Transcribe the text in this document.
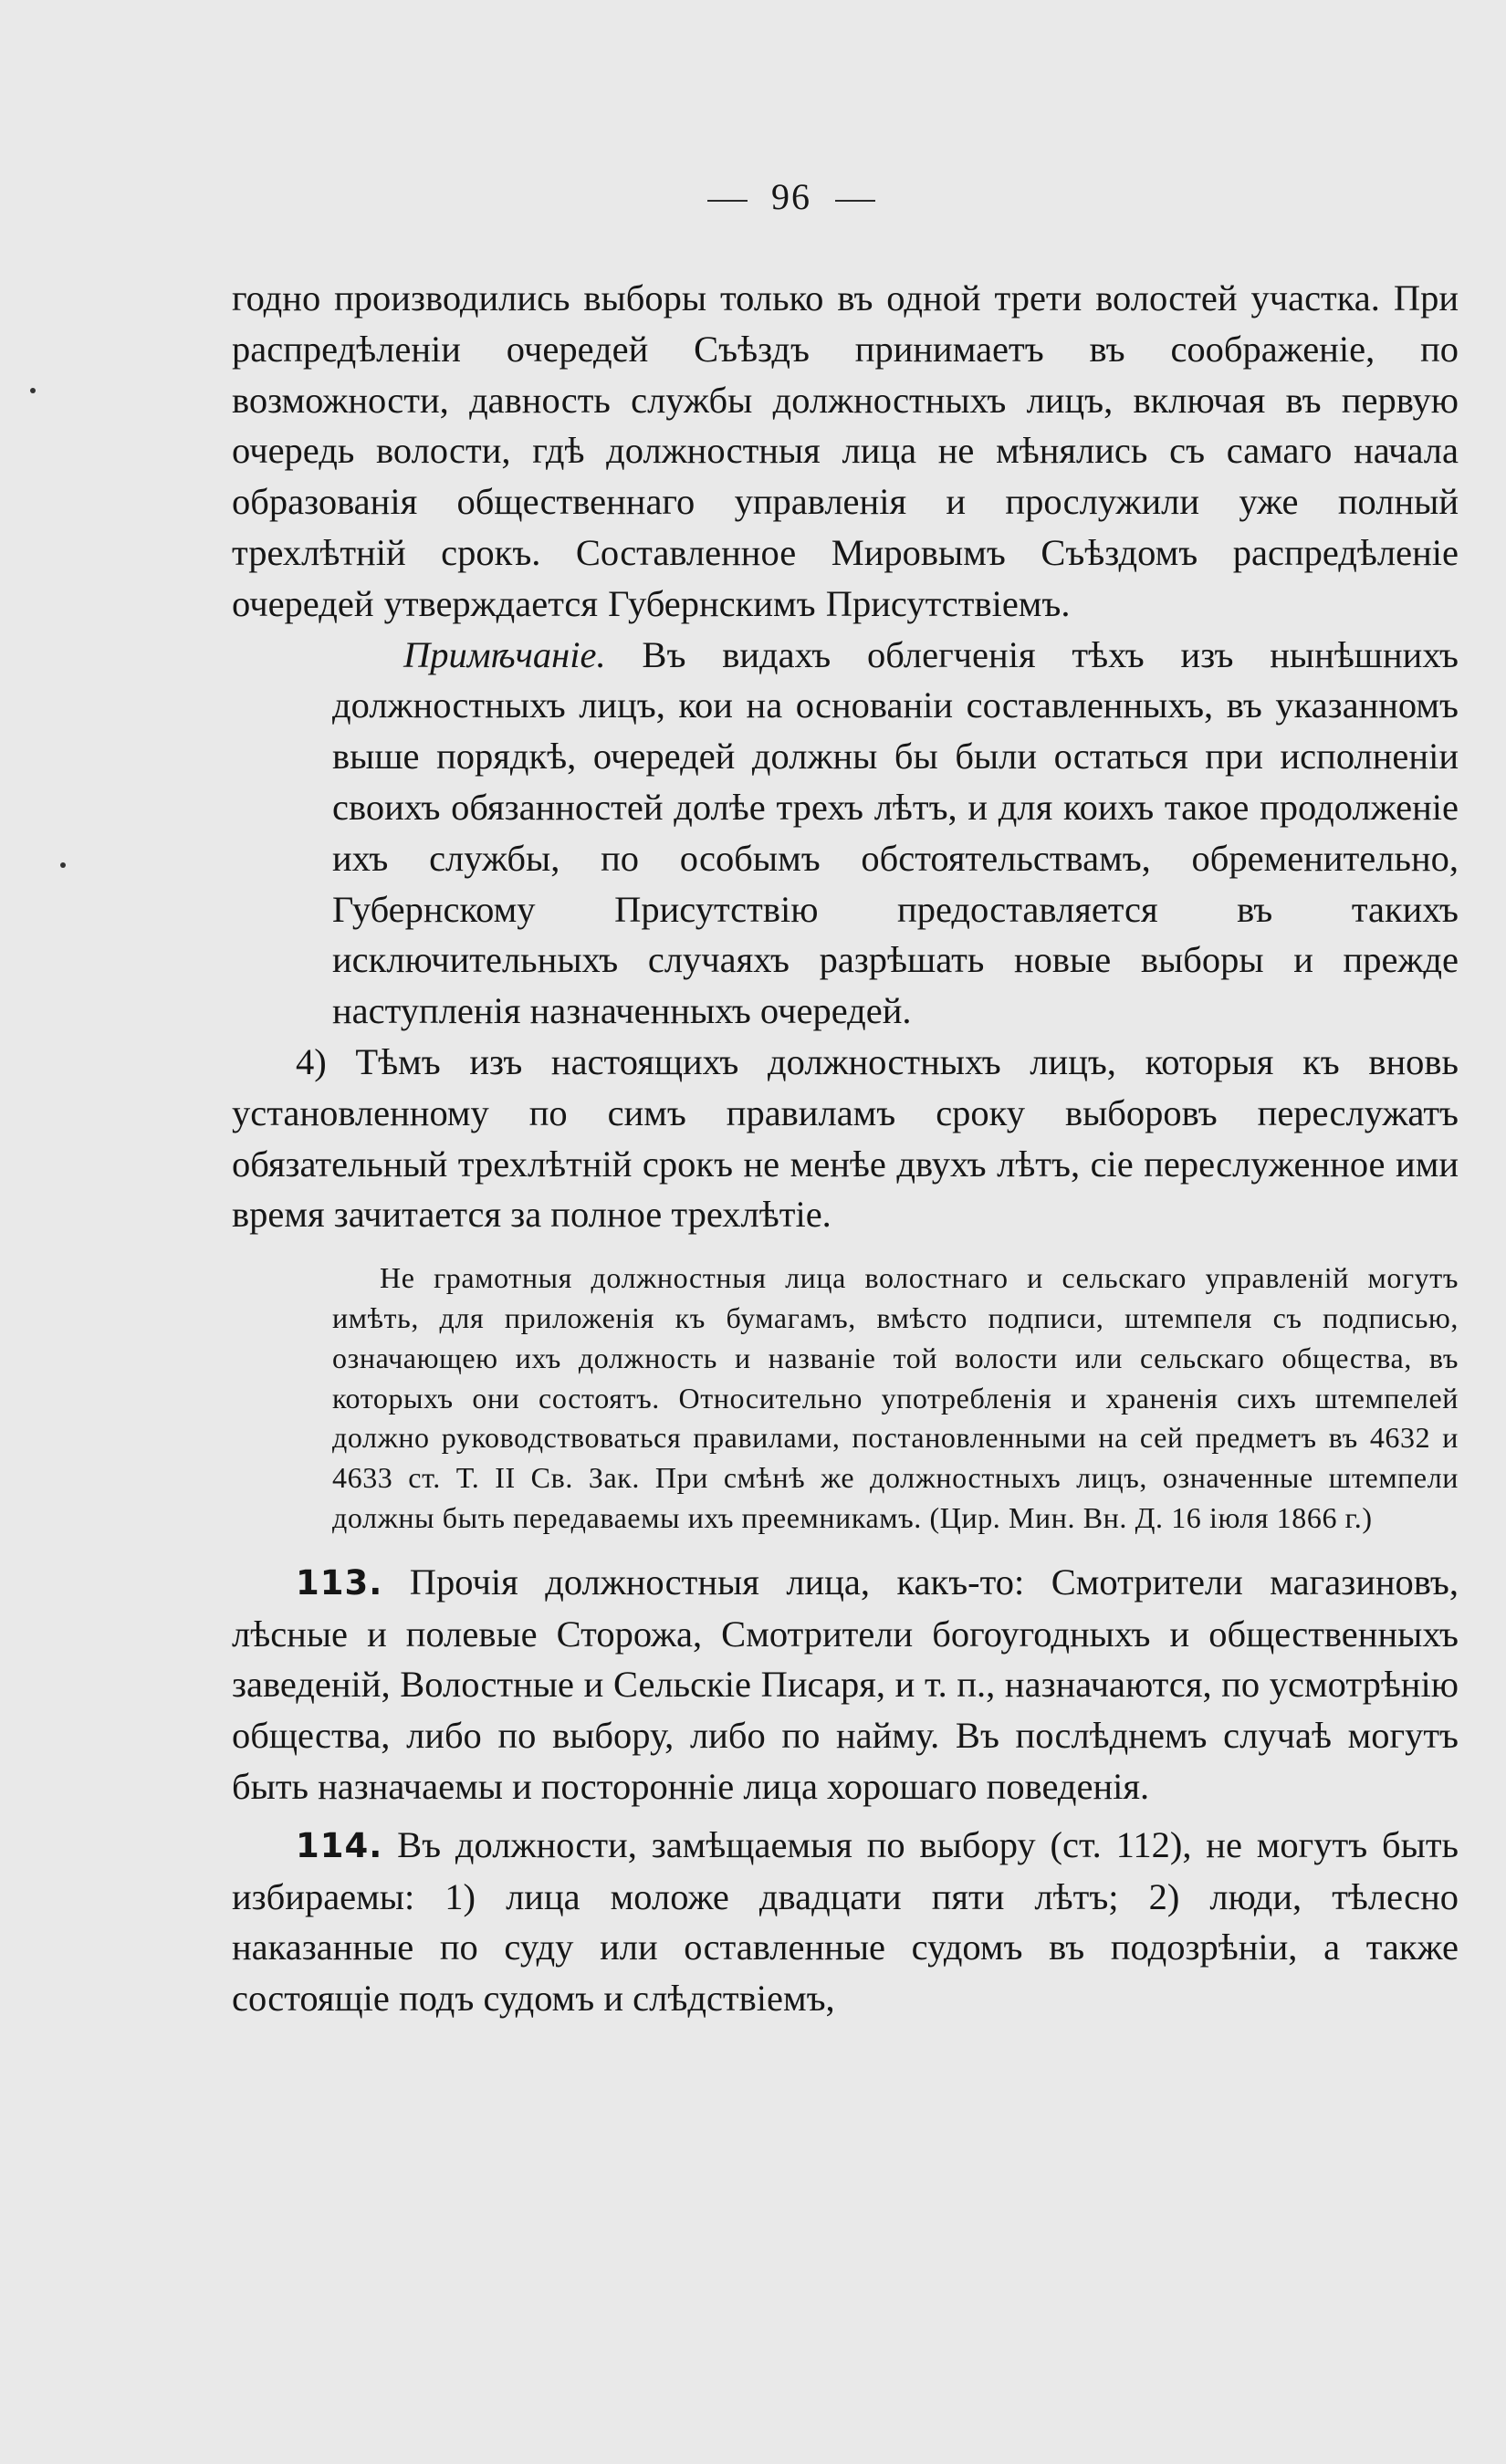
96

годно производились выборы только въ одной трети волостей участка. При распредѣленіи очередей Съѣздъ принимаетъ въ соображеніе, по возможности, давность службы должностныхъ лицъ, включая въ первую очередь волости, гдѣ должностныя лица не мѣнялись съ самаго начала образованія общественнаго управленія и прослужили уже полный трехлѣтній срокъ. Составленное Мировымъ Съѣздомъ распредѣленіе очередей утверждается Губернскимъ Присутствіемъ.

Примѣчаніе. Въ видахъ облегченія тѣхъ изъ нынѣшнихъ должностныхъ лицъ, кои на основаніи составленныхъ, въ указанномъ выше порядкѣ, очередей должны бы были остаться при исполненіи своихъ обязанностей долѣе трехъ лѣтъ, и для коихъ такое продолженіе ихъ службы, по особымъ обстоятельствамъ, обременительно, Губернскому Присутствію предоставляется въ такихъ исключительныхъ случаяхъ разрѣшать новые выборы и прежде наступленія назначенныхъ очередей.

4) Тѣмъ изъ настоящихъ должностныхъ лицъ, которыя къ вновь установленному по симъ правиламъ сроку выборовъ переслужатъ обязательный трехлѣтній срокъ не менѣе двухъ лѣтъ, сіе переслуженное ими время зачитается за полное трехлѣтіе.

Не грамотныя должностныя лица волостнаго и сельскаго управленій могутъ имѣть, для приложенія къ бумагамъ, вмѣсто подписи, штемпеля съ подписью, означающею ихъ должность и названіе той волости или сельскаго общества, въ которыхъ они состоятъ. Относительно употребленія и храненія сихъ штемпелей должно руководствоваться правилами, постановленными на сей предметъ въ 4632 и 4633 ст. Т. II Св. Зак. При смѣнѣ же должностныхъ лицъ, означенные штемпели должны быть передаваемы ихъ преемникамъ. (Цир. Мин. Вн. Д. 16 іюля 1866 г.)

113. Прочія должностныя лица, какъ-то: Смотрители магазиновъ, лѣсные и полевые Сторожа, Смотрители богоугодныхъ и общественныхъ заведеній, Волостные и Сельскіе Писаря, и т. п., назначаются, по усмотрѣнію общества, либо по выбору, либо по найму. Въ послѣднемъ случаѣ могутъ быть назначаемы и посторонніе лица хорошаго поведенія.

114. Въ должности, замѣщаемыя по выбору (ст. 112), не могутъ быть избираемы: 1) лица моложе двадцати пяти лѣтъ; 2) люди, тѣлесно наказанные по суду или оставленные судомъ въ подозрѣніи, а также состоящіе подъ судомъ и слѣдствіемъ,
